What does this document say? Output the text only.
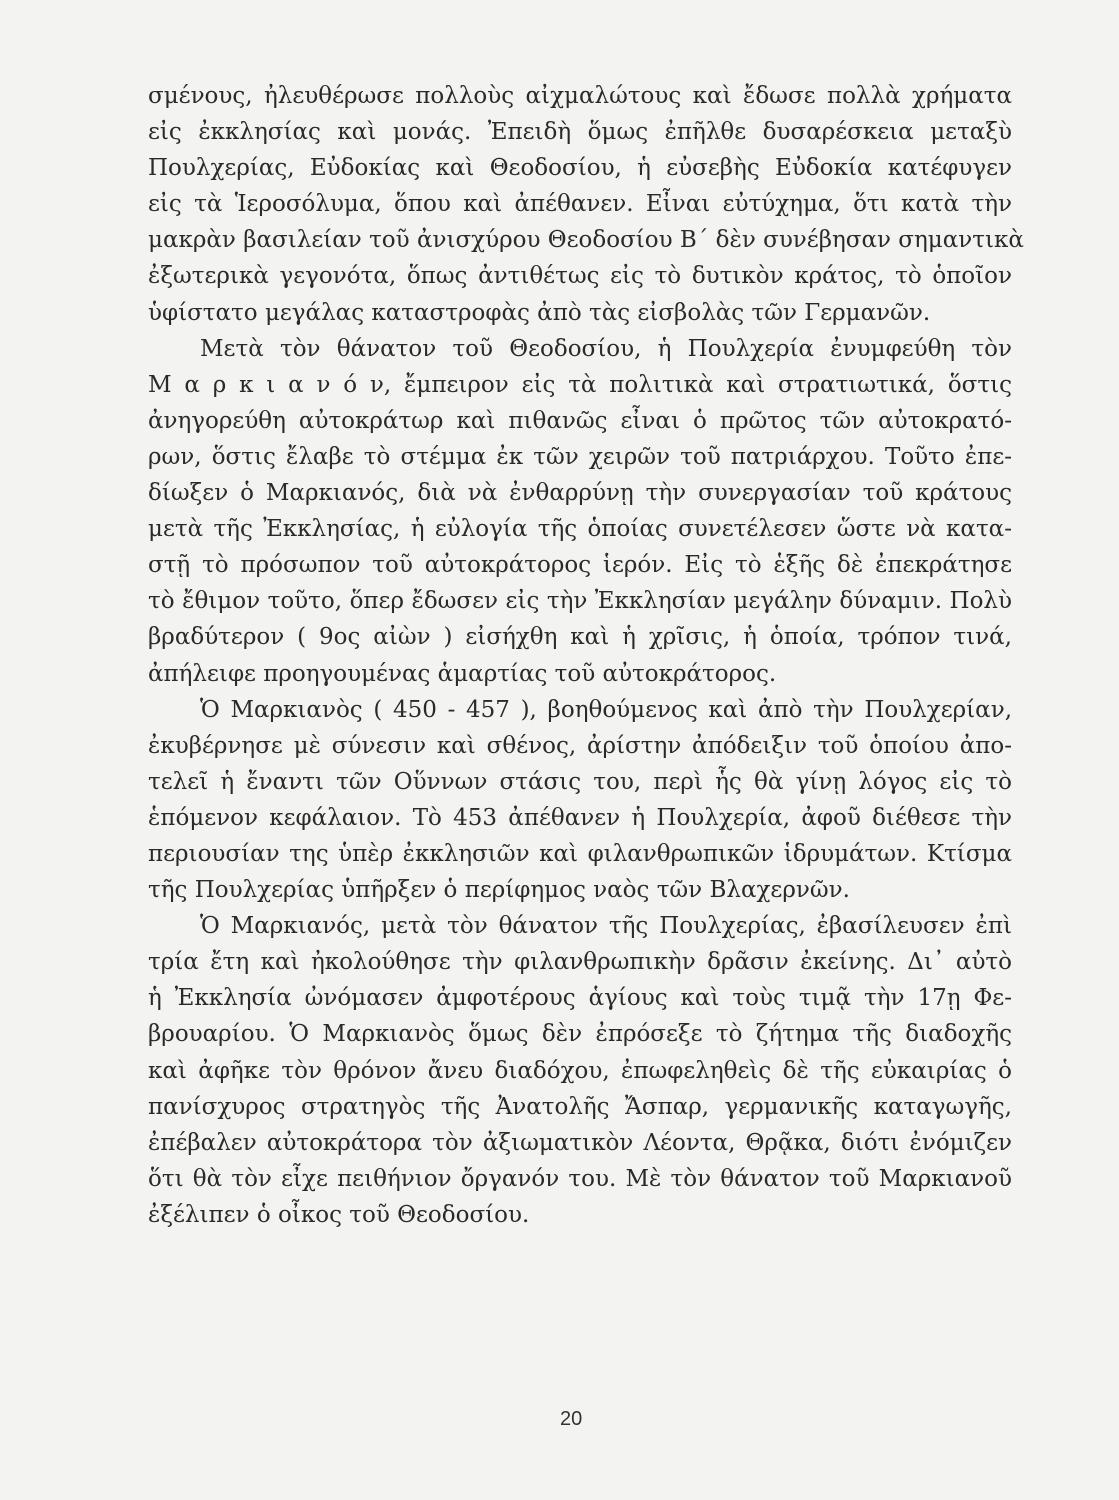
σμένους, ἠλευθέρωσε πολλοὺς αἰχμαλώτους καὶ ἔδωσε πολλὰ χρήματα
εἰς ἐκκλησίας καὶ μονάς. Ἐπειδὴ ὅμως ἐπῆλθε δυσαρέσκεια μεταξὺ
Πουλχερίας, Εὐδοκίας καὶ Θεοδοσίου, ἡ εὐσεβὴς Εὐδοκία κατέφυγεν
εἰς τὰ Ἱεροσόλυμα, ὅπου καὶ ἀπέθανεν. Εἶναι εὐτύχημα, ὅτι κατὰ τὴν
μακρὰν βασιλείαν τοῦ ἀνισχύρου Θεοδοσίου Β΄ δὲν συνέβησαν σημαντικὰ
ἐξωτερικὰ γεγονότα, ὅπως ἀντιθέτως εἰς τὸ δυτικὸν κράτος, τὸ ὁποῖον
ὑφίστατο μεγάλας καταστροφὰς ἀπὸ τὰς εἰσβολὰς τῶν Γερμανῶν.
Μετὰ τὸν θάνατον τοῦ Θεοδοσίου, ἡ Πουλχερία ἐνυμφεύθη τὸν
Μ α ρ κ ι α ν ό ν, ἔμπειρον εἰς τὰ πολιτικὰ καὶ στρατιωτικά, ὅστις
ἀνηγορεύθη αὐτοκράτωρ καὶ πιθανῶς εἶναι ὁ πρῶτος τῶν αὐτοκρατό-
ρων, ὅστις ἔλαβε τὸ στέμμα ἐκ τῶν χειρῶν τοῦ πατριάρχου. Τοῦτο ἐπε-
δίωξεν ὁ Μαρκιανός, διὰ νὰ ἐνθαρρύνῃ τὴν συνεργασίαν τοῦ κράτους
μετὰ τῆς Ἐκκλησίας, ἡ εὐλογία τῆς ὁποίας συνετέλεσεν ὥστε νὰ κατα-
στῇ τὸ πρόσωπον τοῦ αὐτοκράτορος ἱερόν. Εἰς τὸ ἑξῆς δὲ ἐπεκράτησε
τὸ ἔθιμον τοῦτο, ὅπερ ἔδωσεν εἰς τὴν Ἐκκλησίαν μεγάλην δύναμιν. Πολὺ
βραδύτερον ( 9ος αἰὼν ) εἰσήχθη καὶ ἡ χρῖσις, ἡ ὁποία, τρόπον τινά,
ἀπήλειφε προηγουμένας ἁμαρτίας τοῦ αὐτοκράτορος.
Ὁ Μαρκιανὸς ( 450 - 457 ), βοηθούμενος καὶ ἀπὸ τὴν Πουλχερίαν,
ἐκυβέρνησε μὲ σύνεσιν καὶ σθένος, ἀρίστην ἀπόδειξιν τοῦ ὁποίου ἀπο-
τελεῖ ἡ ἔναντι τῶν Οὕννων στάσις του, περὶ ἧς θὰ γίνῃ λόγος εἰς τὸ
ἑπόμενον κεφάλαιον. Τὸ 453 ἀπέθανεν ἡ Πουλχερία, ἀφοῦ διέθεσε τὴν
περιουσίαν της ὑπὲρ ἐκκλησιῶν καὶ φιλανθρωπικῶν ἱδρυμάτων. Κτίσμα
τῆς Πουλχερίας ὑπῆρξεν ὁ περίφημος ναὸς τῶν Βλαχερνῶν.
Ὁ Μαρκιανός, μετὰ τὸν θάνατον τῆς Πουλχερίας, ἐβασίλευσεν ἐπὶ
τρία ἔτη καὶ ἠκολούθησε τὴν φιλανθρωπικὴν δρᾶσιν ἐκείνης. Δι᾽ αὐτὸ
ἡ Ἐκκλησία ὠνόμασεν ἀμφοτέρους ἁγίους καὶ τοὺς τιμᾷ τὴν 17ῃ Φε-
βρουαρίου. Ὁ Μαρκιανὸς ὅμως δὲν ἐπρόσεξε τὸ ζήτημα τῆς διαδοχῆς
καὶ ἀφῆκε τὸν θρόνον ἄνευ διαδόχου, ἐπωφεληθεὶς δὲ τῆς εὐκαιρίας ὁ
πανίσχυρος στρατηγὸς τῆς Ἀνατολῆς Ἄσπαρ, γερμανικῆς καταγωγῆς,
ἐπέβαλεν αὐτοκράτορα τὸν ἀξιωματικὸν Λέοντα, Θρᾷκα, διότι ἐνόμιζεν
ὅτι θὰ τὸν εἶχε πειθήνιον ὄργανόν του. Μὲ τὸν θάνατον τοῦ Μαρκιανοῦ
ἐξέλιπεν ὁ οἶκος τοῦ Θεοδοσίου.
20
